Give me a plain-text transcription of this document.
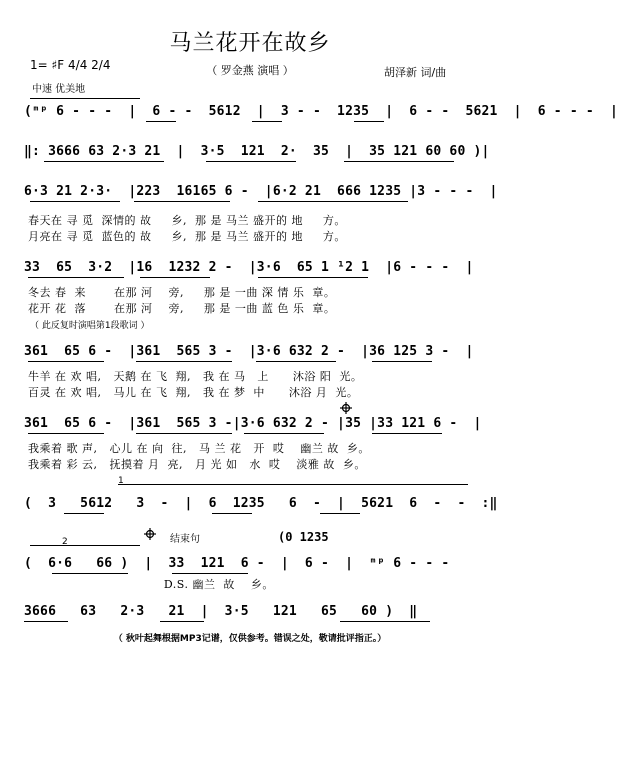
马兰花开在故乡
（ 罗金燕 演唱 ）	胡泽新 词/曲
1= ♯F 4/4 2/4
中速 优美地
(ᵐᵖ 6 - - -  |  6 - -  5612  |  3 - -  1235  |  6 - -  5621  |  6 - - -  |
‖: 3666 63 2·3 21  |  3·5  121  2·  35  |  35 121 60 60 )|
6·3 21 2·3·  |223  16165 6 -  |6·2 21  666 1235 |3 - - -  |
春天在 寻 觅  深情的 故     乡,  那 是 马兰 盛开的 地     方。
月亮在 寻 觅  蓝色的 故     乡,  那 是 马兰 盛开的 地     方。
33  65  3·2  |16  1232 2 -  |3·6  65 1 ¹2 1  |6 - - -  |
冬去 春  来       在那 河    旁,     那 是 一曲 深 情 乐  章。
花开 花  落       在那 河    旁,     那 是 一曲 蓝 色 乐  章。
（ 此反复时演唱第1段歌词 ）
361  65 6 -  |361  565 3 -  |3·6 632 2 -  |36 125 3 -  |
牛羊 在 欢 唱,   天鹅 在 飞  翔,   我 在 马   上      沐浴 阳  光。
百灵 在 欢 唱,   马儿 在 飞  翔,   我 在 梦  中      沐浴 月  光。
361  65 6 -  |361  565 3 -|3·6 632 2 - |35 |33 121 6 -  |
我乘着 歌 声,   心儿 在 向  往,   马 兰 花   开  哎    幽兰 故  乡。
我乘着 彩 云,   抚摸着 月  亮,   月 光 如   水  哎    淡雅 故  乡。
1
(  3   5612   3  -  |  6  1235   6  -  |  5621  6  -  -  :‖
2	结束句	(0 1235
(  6·6   66 )  |  33  121  6 -  |  6 -  |  ᵐᵖ 6 - - -
D.S. 幽兰  故    乡。
3666   63   2·3   21  |  3·5   121   65   60 )  ‖
（ 秋叶起舞根据MP3记谱，仅供参考。错误之处，敬请批评指正。）
